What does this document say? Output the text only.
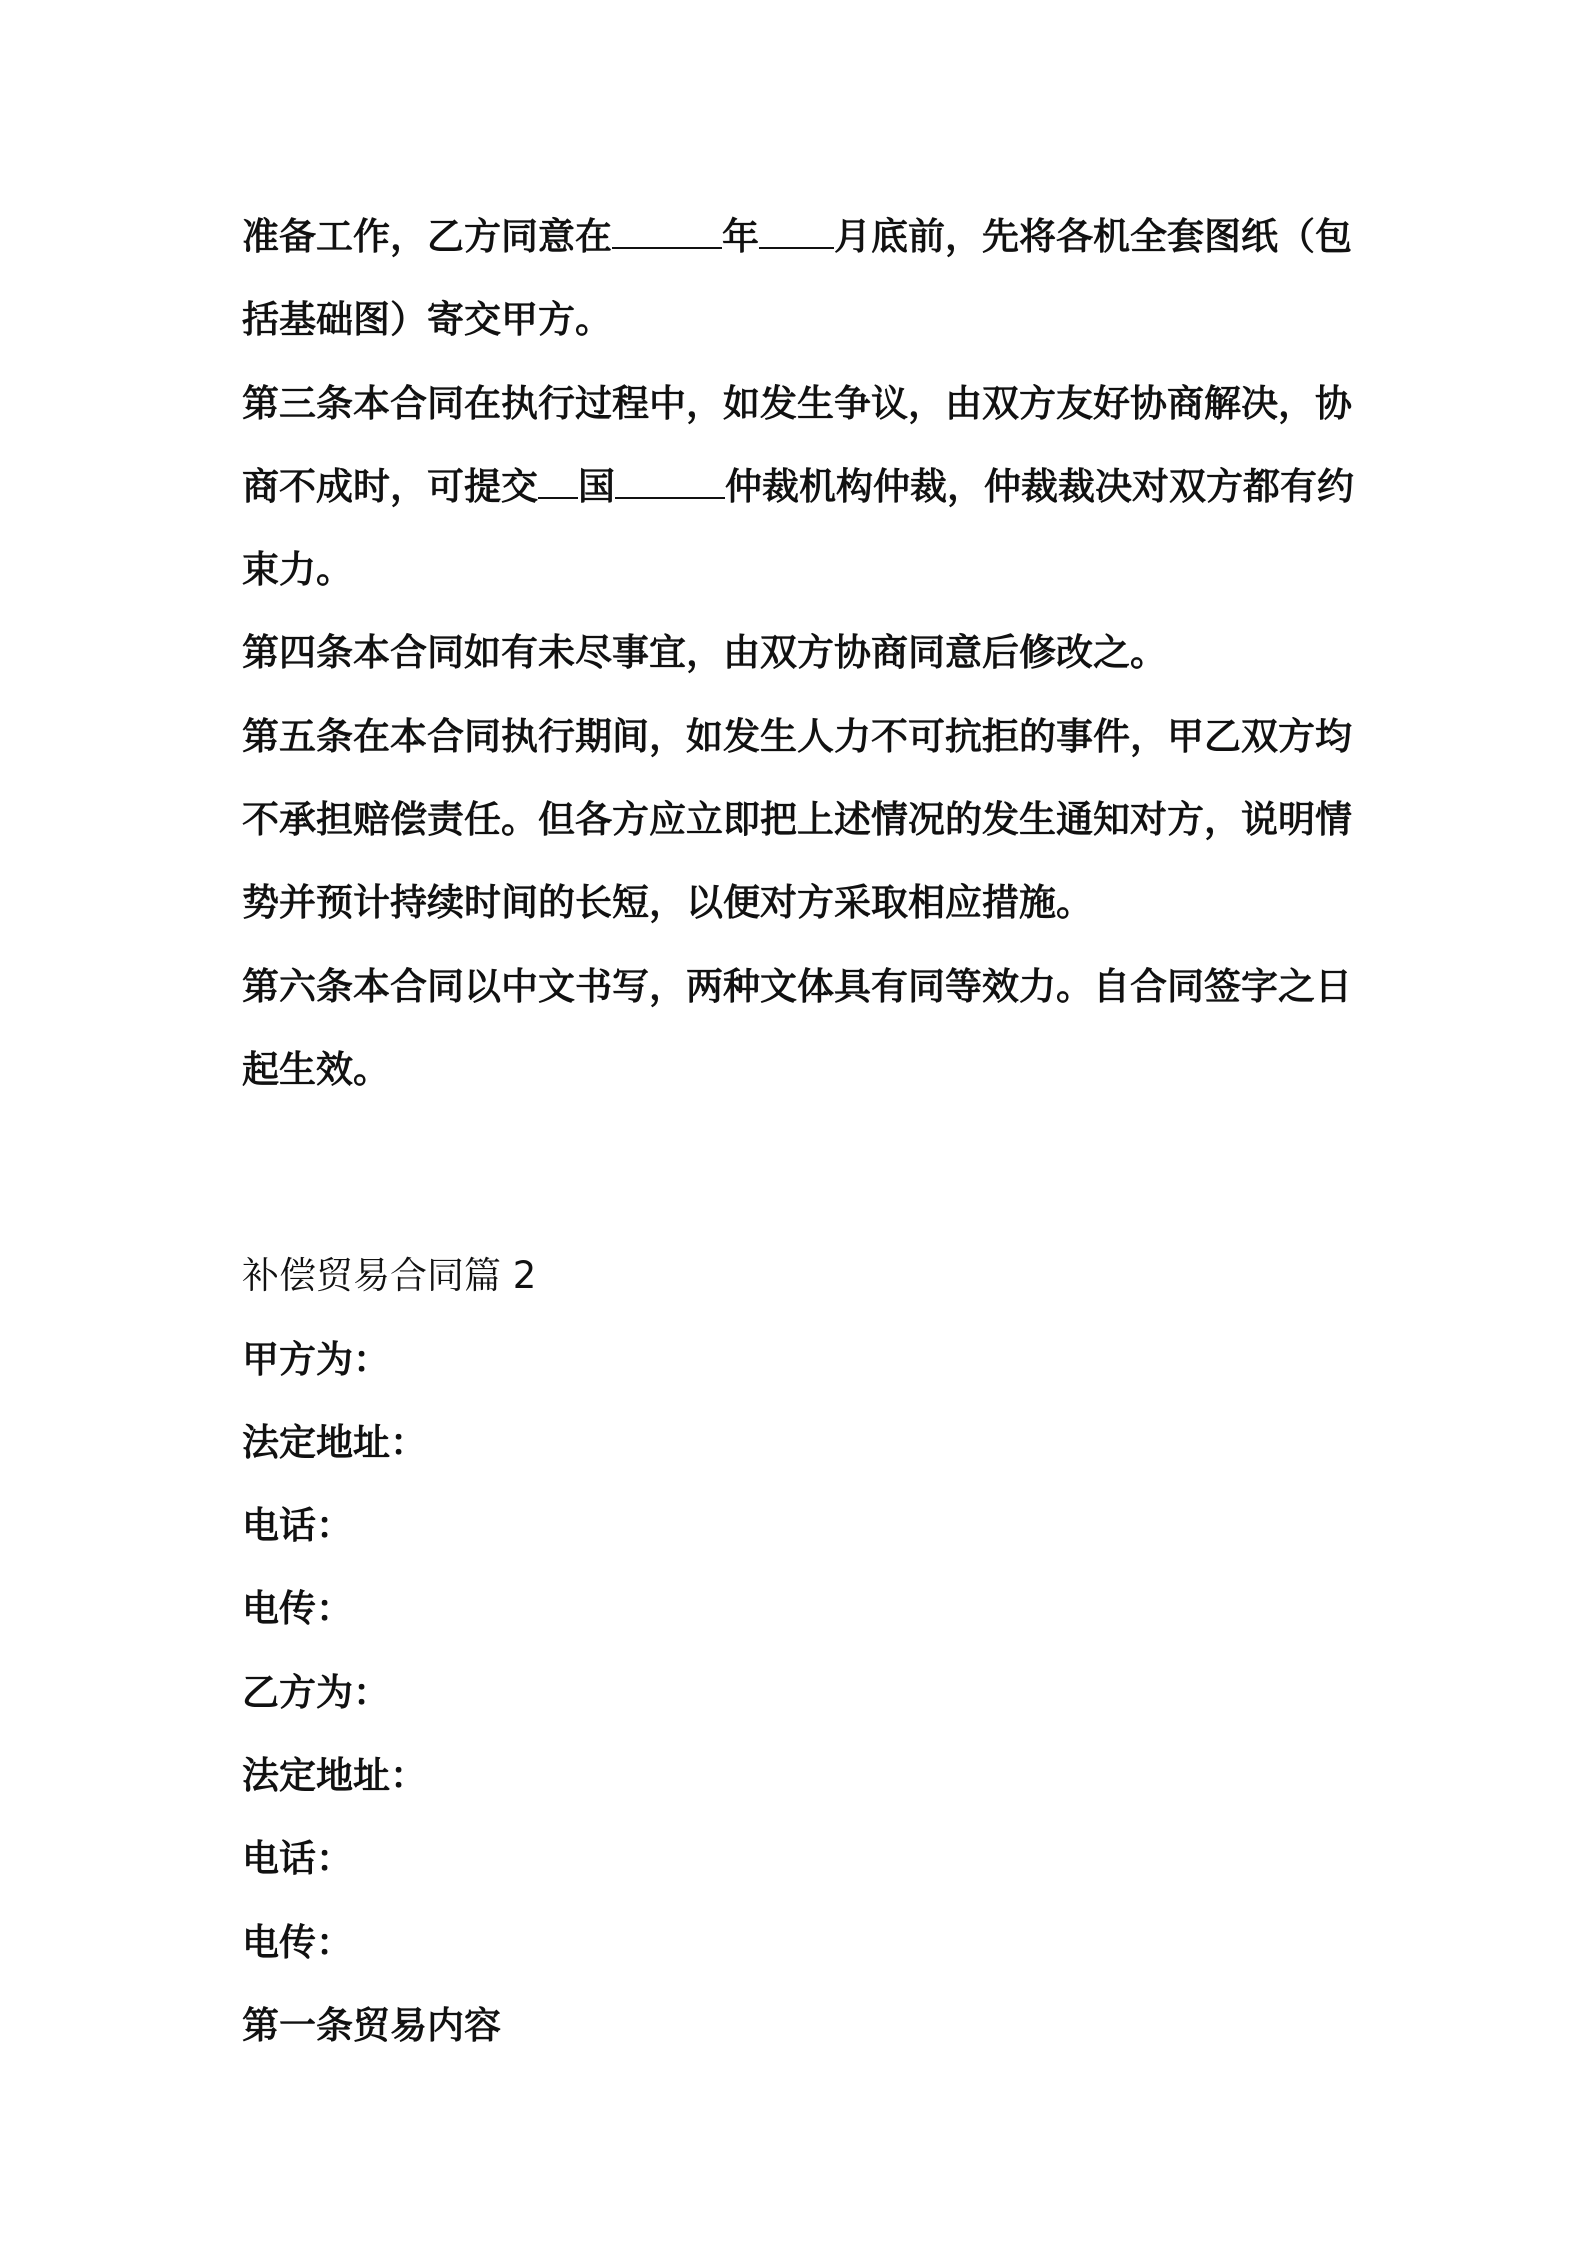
准备工作，乙方同意在	年 月底前，先将各机全套图纸（包

括基础图）寄交甲方。

第三条本合同在执行过程中，如发生争议，由双方友好协商解决，协

商不成时，可提交 国	仲裁机构仲裁，仲裁裁决对双方都有约

束力。

第四条本合同如有未尽事宜，由双方协商同意后修改之。

第五条在本合同执行期间，如发生人力不可抗拒的事件，甲乙双方均

不承担赔偿责任。但各方应立即把上述情况的发生通知对方，说明情

势并预计持续时间的长短，以便对方采取相应措施。

第六条本合同以中文书写，两种文体具有同等效力。自合同签字之日

起生效。

补偿贸易合同篇 2

甲方为：

法定地址：

电话：

电传：

乙方为：

法定地址：

电话：

电传：

第一条贸易内容
